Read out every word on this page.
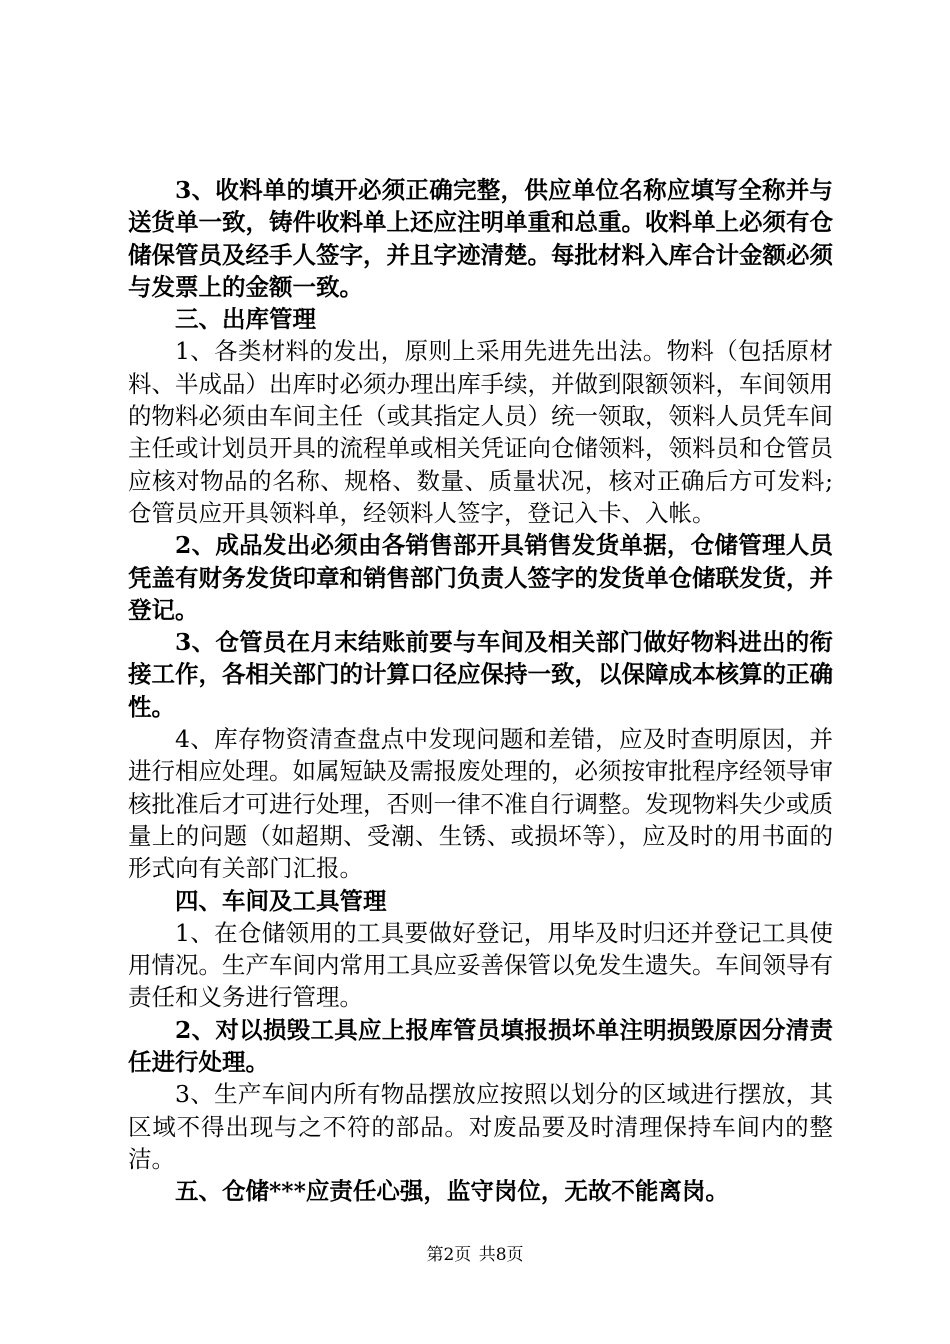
3、收料单的填开必须正确完整，供应单位名称应填写全称并与送货单一致，铸件收料单上还应注明单重和总重。收料单上必须有仓储保管员及经手人签字，并且字迹清楚。每批材料入库合计金额必须与发票上的金额一致。

三、出库管理

1、各类材料的发出，原则上采用先进先出法。物料（包括原材料、半成品）出库时必须办理出库手续，并做到限额领料，车间领用的物料必须由车间主任（或其指定人员）统一领取，领料人员凭车间主任或计划员开具的流程单或相关凭证向仓储领料，领料员和仓管员应核对物品的名称、规格、数量、质量状况，核对正确后方可发料;仓管员应开具领料单，经领料人签字，登记入卡、入帐。

2、成品发出必须由各销售部开具销售发货单据，仓储管理人员凭盖有财务发货印章和销售部门负责人签字的发货单仓储联发货，并登记。

3、仓管员在月末结账前要与车间及相关部门做好物料进出的衔接工作，各相关部门的计算口径应保持一致，以保障成本核算的正确性。

4、库存物资清查盘点中发现问题和差错，应及时查明原因，并进行相应处理。如属短缺及需报废处理的，必须按审批程序经领导审核批准后才可进行处理，否则一律不准自行调整。发现物料失少或质量上的问题（如超期、受潮、生锈、或损坏等），应及时的用书面的形式向有关部门汇报。

四、车间及工具管理

1、在仓储领用的工具要做好登记，用毕及时归还并登记工具使用情况。生产车间内常用工具应妥善保管以免发生遗失。车间领导有责任和义务进行管理。

2、对以损毁工具应上报库管员填报损坏单注明损毁原因分清责任进行处理。

3、生产车间内所有物品摆放应按照以划分的区域进行摆放，其区域不得出现与之不符的部品。对废品要及时清理保持车间内的整洁。

五、仓储***应责任心强，监守岗位，无故不能离岗。

第2页 共8页
